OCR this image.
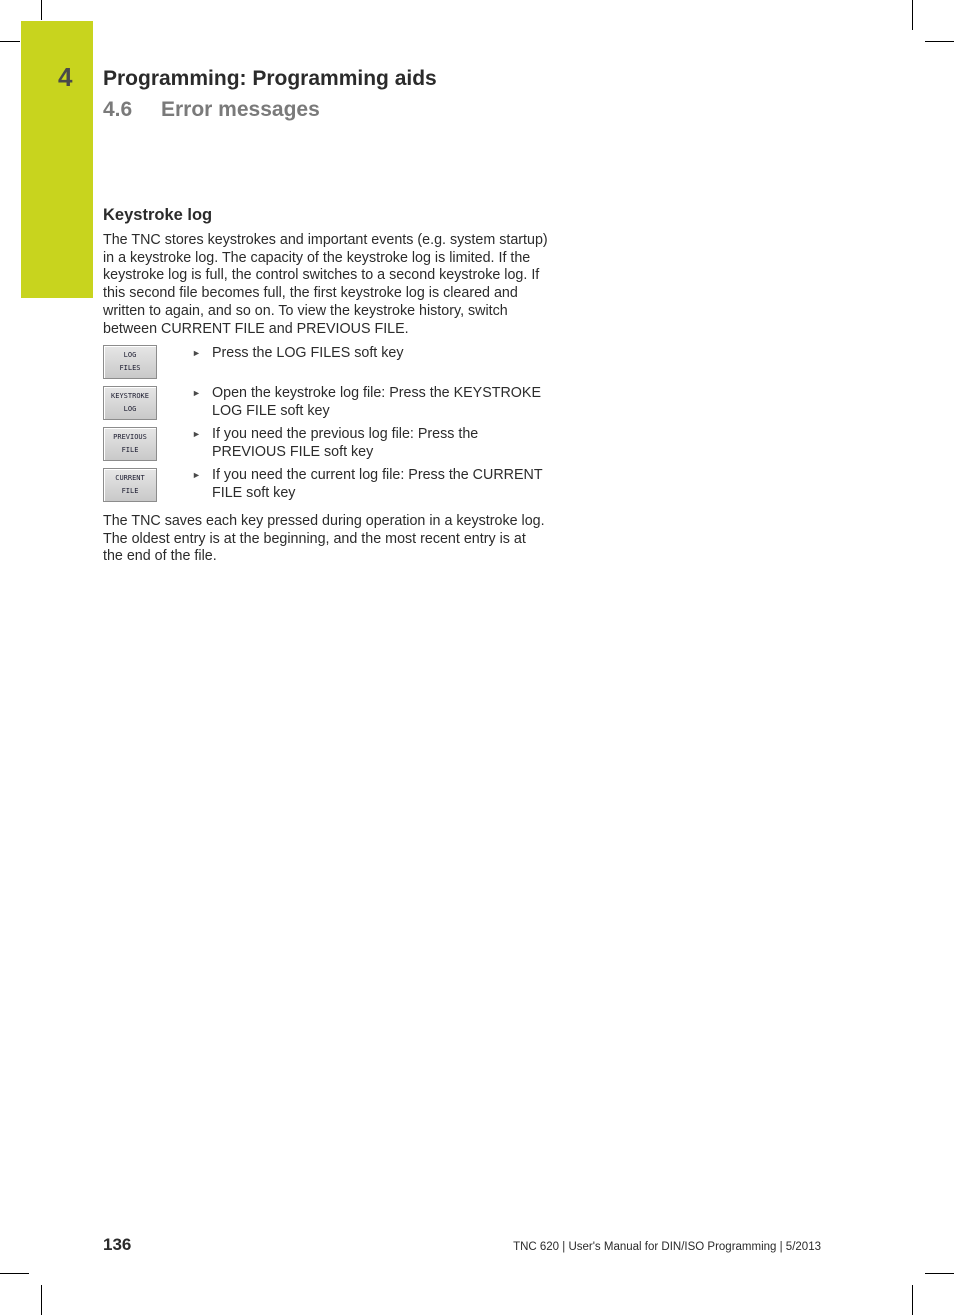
4 Programming: Programming aids
4.6 Error messages
Keystroke log
The TNC stores keystrokes and important events (e.g. system startup) in a keystroke log. The capacity of the keystroke log is limited. If the keystroke log is full, the control switches to a second keystroke log. If this second file becomes full, the first keystroke log is cleared and written to again, and so on. To view the keystroke history, switch between CURRENT FILE and PREVIOUS FILE.
LOG
FILES
► Press the LOG FILES soft key
KEYSTROKE
LOG
► Open the keystroke log file: Press the KEYSTROKE LOG FILE soft key
PREVIOUS
FILE
► If you need the previous log file: Press the PREVIOUS FILE soft key
CURRENT
FILE
► If you need the current log file: Press the CURRENT FILE soft key
The TNC saves each key pressed during operation in a keystroke log. The oldest entry is at the beginning, and the most recent entry is at the end of the file.
136	TNC 620 | User's Manual for DIN/ISO Programming | 5/2013
